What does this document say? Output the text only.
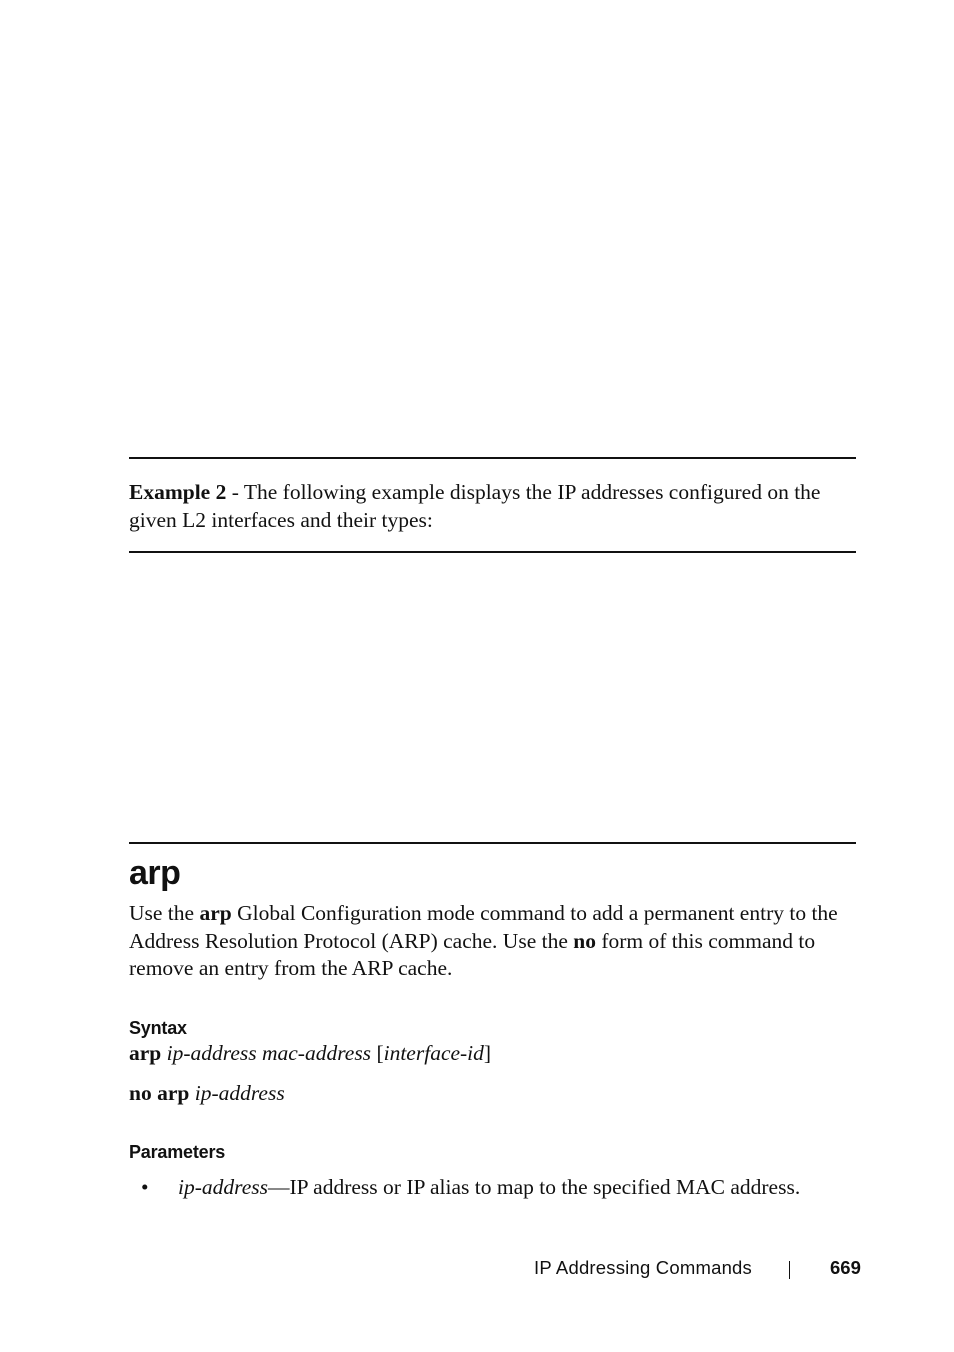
Example 2 - The following example displays the IP addresses configured on the given L2 interfaces and their types:
arp
Use the arp Global Configuration mode command to add a permanent entry to the Address Resolution Protocol (ARP) cache. Use the no form of this command to remove an entry from the ARP cache.
Syntax
arp ip-address mac-address [interface-id]
no arp ip-address
Parameters
• ip-address—IP address or IP alias to map to the specified MAC address.
IP Addressing Commands	669
